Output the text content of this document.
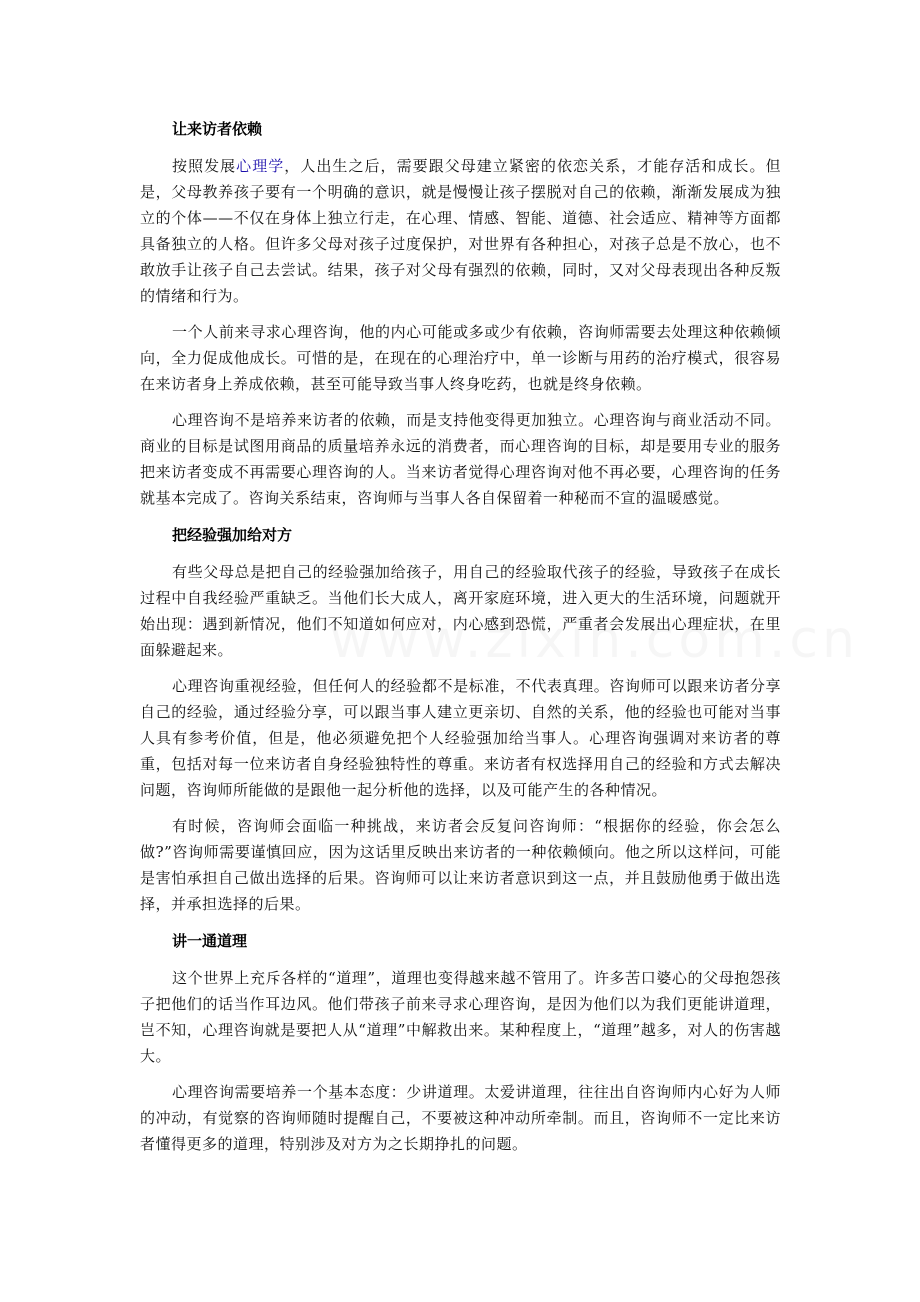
让来访者依赖

按照发展心理学，人出生之后，需要跟父母建立紧密的依恋关系，才能存活和成长。但是，父母教养孩子要有一个明确的意识，就是慢慢让孩子摆脱对自己的依赖，渐渐发展成为独立的个体——不仅在身体上独立行走，在心理、情感、智能、道德、社会适应、精神等方面都具备独立的人格。但许多父母对孩子过度保护，对世界有各种担心，对孩子总是不放心，也不敢放手让孩子自己去尝试。结果，孩子对父母有强烈的依赖，同时，又对父母表现出各种反叛的情绪和行为。

一个人前来寻求心理咨询，他的内心可能或多或少有依赖，咨询师需要去处理这种依赖倾向，全力促成他成长。可惜的是，在现在的心理治疗中，单一诊断与用药的治疗模式，很容易在来访者身上养成依赖，甚至可能导致当事人终身吃药，也就是终身依赖。

心理咨询不是培养来访者的依赖，而是支持他变得更加独立。心理咨询与商业活动不同。商业的目标是试图用商品的质量培养永远的消费者，而心理咨询的目标，却是要用专业的服务把来访者变成不再需要心理咨询的人。当来访者觉得心理咨询对他不再必要，心理咨询的任务就基本完成了。咨询关系结束，咨询师与当事人各自保留着一种秘而不宣的温暖感觉。

把经验强加给对方

有些父母总是把自己的经验强加给孩子，用自己的经验取代孩子的经验，导致孩子在成长过程中自我经验严重缺乏。当他们长大成人，离开家庭环境，进入更大的生活环境，问题就开始出现：遇到新情况，他们不知道如何应对，内心感到恐慌，严重者会发展出心理症状，在里面躲避起来。

心理咨询重视经验，但任何人的经验都不是标准，不代表真理。咨询师可以跟来访者分享自己的经验，通过经验分享，可以跟当事人建立更亲切、自然的关系，他的经验也可能对当事人具有参考价值，但是，他必须避免把个人经验强加给当事人。心理咨询强调对来访者的尊重，包括对每一位来访者自身经验独特性的尊重。来访者有权选择用自己的经验和方式去解决问题，咨询师所能做的是跟他一起分析他的选择，以及可能产生的各种情况。

有时候，咨询师会面临一种挑战，来访者会反复问咨询师：“根据你的经验，你会怎么做?”咨询师需要谨慎回应，因为这话里反映出来访者的一种依赖倾向。他之所以这样问，可能是害怕承担自己做出选择的后果。咨询师可以让来访者意识到这一点，并且鼓励他勇于做出选择，并承担选择的后果。

讲一通道理

这个世界上充斥各样的“道理”，道理也变得越来越不管用了。许多苦口婆心的父母抱怨孩子把他们的话当作耳边风。他们带孩子前来寻求心理咨询，是因为他们以为我们更能讲道理，岂不知，心理咨询就是要把人从“道理”中解救出来。某种程度上，“道理”越多，对人的伤害越大。

心理咨询需要培养一个基本态度：少讲道理。太爱讲道理，往往出自咨询师内心好为人师的冲动，有觉察的咨询师随时提醒自己，不要被这种冲动所牵制。而且，咨询师不一定比来访者懂得更多的道理，特别涉及对方为之长期挣扎的问题。
